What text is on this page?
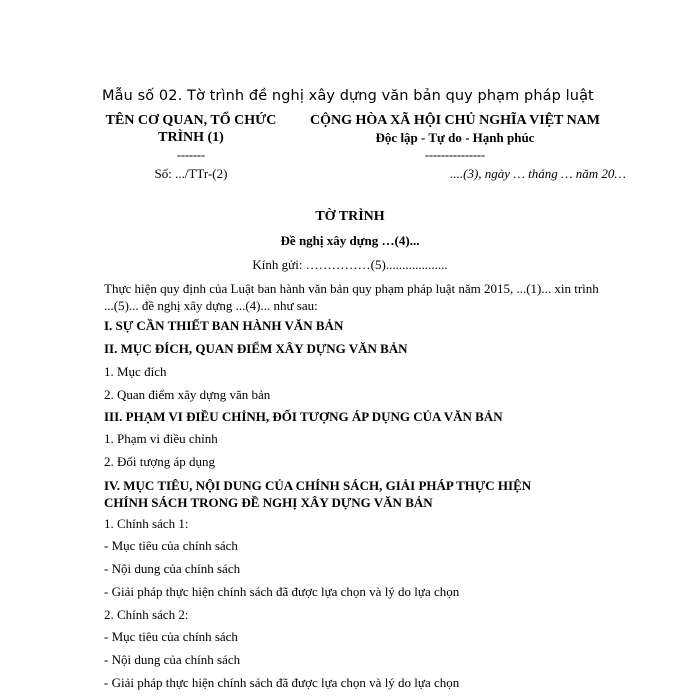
Mẫu số 02. Tờ trình đề nghị xây dựng văn bản quy phạm pháp luật
TÊN CƠ QUAN, TỔ CHỨC
TRÌNH (1)
-------
CỘNG HÒA XÃ HỘI CHỦ NGHĨA VIỆT NAM
Độc lập - Tự do - Hạnh phúc
---------------
Số: .../TTr-(2)	....(3), ngày … tháng … năm 20…
TỜ TRÌNH
Đề nghị xây dựng …(4)...
Kính gửi: ……………(5)...................
Thực hiện quy định của Luật ban hành văn bản quy phạm pháp luật năm 2015, ...(1)... xin trình ...(5)... đề nghị xây dựng ...(4)... như sau:
I. SỰ CẦN THIẾT BAN HÀNH VĂN BẢN
II. MỤC ĐÍCH, QUAN ĐIỂM XÂY DỰNG VĂN BẢN
1. Mục đích
2. Quan điểm xây dựng văn bản
III. PHẠM VI ĐIỀU CHỈNH, ĐỐI TƯỢNG ÁP DỤNG CỦA VĂN BẢN
1. Phạm vi điều chỉnh
2. Đối tượng áp dụng
IV. MỤC TIÊU, NỘI DUNG CỦA CHÍNH SÁCH, GIẢI PHÁP THỰC HIỆN CHÍNH SÁCH TRONG ĐỀ NGHỊ XÂY DỰNG VĂN BẢN
1. Chính sách 1:
- Mục tiêu của chính sách
- Nội dung của chính sách
- Giải pháp thực hiện chính sách đã được lựa chọn và lý do lựa chọn
2. Chính sách 2:
- Mục tiêu của chính sách
- Nội dung của chính sách
- Giải pháp thực hiện chính sách đã được lựa chọn và lý do lựa chọn
